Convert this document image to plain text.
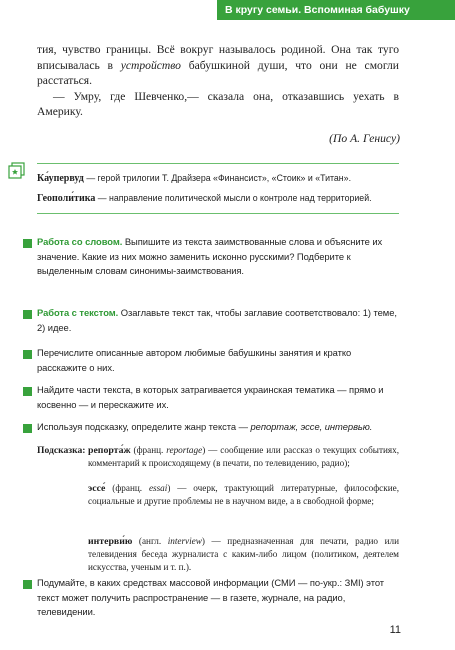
В кругу семьи. Вспоминая бабушку

тия, чувство границы. Всё вокруг называлось родиной. Она так туго вписывалась в устройство бабушкиной души, что они не смогли расстаться.

— Умру, где Шевченко,— сказала она, отказавшись уехать в Америку.

(По А. Генису)
Ка́упервуд — герой трилогии Т. Драйзера «Финансист», «Стоик» и «Титан».
Геополи́тика — направление политической мысли о контроле над территорией.
Работа со словом. Выпишите из текста заимствованные слова и объясните их значение. Какие из них можно заменить исконно русскими? Подберите к выделенным словам синонимы-заимствования.
Работа с текстом. Озаглавьте текст так, чтобы заглавие соответствовало: 1) теме, 2) идее.
Перечислите описанные автором любимые бабушкины занятия и кратко расскажите о них.
Найдите части текста, в которых затрагивается украинская тематика — прямо и косвенно — и перескажите их.
Используя подсказку, определите жанр текста — репортаж, эссе, интервью.
Подсказка: репорта́ж (франц. reportage) — сообщение или рассказ о текущих событиях, комментарий к происходящему (в печати, по телевидению, радио);
эссе́ (франц. essai) — очерк, трактующий литературные, философские, социальные и другие проблемы не в научном виде, а в свободной форме;
интерви́ю (англ. interview) — предназначенная для печати, радио или телевидения беседа журналиста с каким-либо лицом (политиком, деятелем искусства, ученым и т. п.).
Подумайте, в каких средствах массовой информации (СМИ — по-укр.: ЗМІ) этот текст может получить распространение — в газете, журнале, на радио, телевидении.
11
